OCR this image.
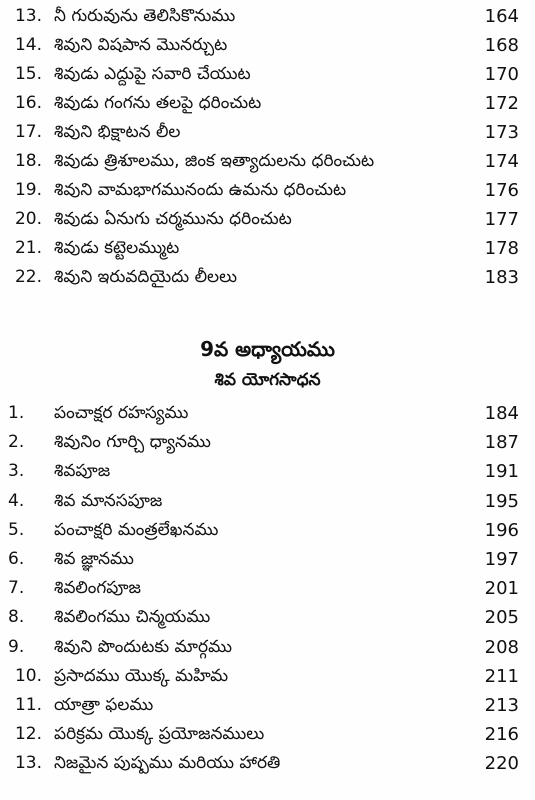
13. నీ గురువును తెలిసికొనుము	164
14. శివుని విషపాన మొనర్చుట	168
15. శివుడు ఎద్దుపై సవారి చేయుట	170
16. శివుడు గంగను తలపై ధరించుట	172
17. శివుని భిక్షాటన లీల	173
18. శివుడు త్రిశూలము, జింక ఇత్యాదులను ధరించుట	174
19. శివుని వామభాగమునందు ఉమను ధరించుట	176
20. శివుడు ఏనుగు చర్మమును ధరించుట	177
21. శివుడు కట్టెలమ్ముట	178
22. శివుని ఇరువదియైదు లీలలు	183
9వ అధ్యాయము
శివ యోగసాధన
1.	పంచాక్షర రహస్యము	184
2.	శివునిం గూర్చి ధ్యానము	187
3.	శివపూజ	191
4.	శివ మానసపూజ	195
5.	పంచాక్షరి మంత్రలేఖనము	196
6.	శివ జ్ఞానము	197
7.	శివలింగపూజ	201
8.	శివలింగము చిన్మయము	205
9.	శివుని పొందుటకు మార్గము	208
10. ప్రసాదము యొక్క మహిమ	211
11. యాత్రా ఫలము	213
12. పరిక్రమ యొక్క ప్రయోజనములు	216
13. నిజమైన పుష్పము మరియు హారతి	220
